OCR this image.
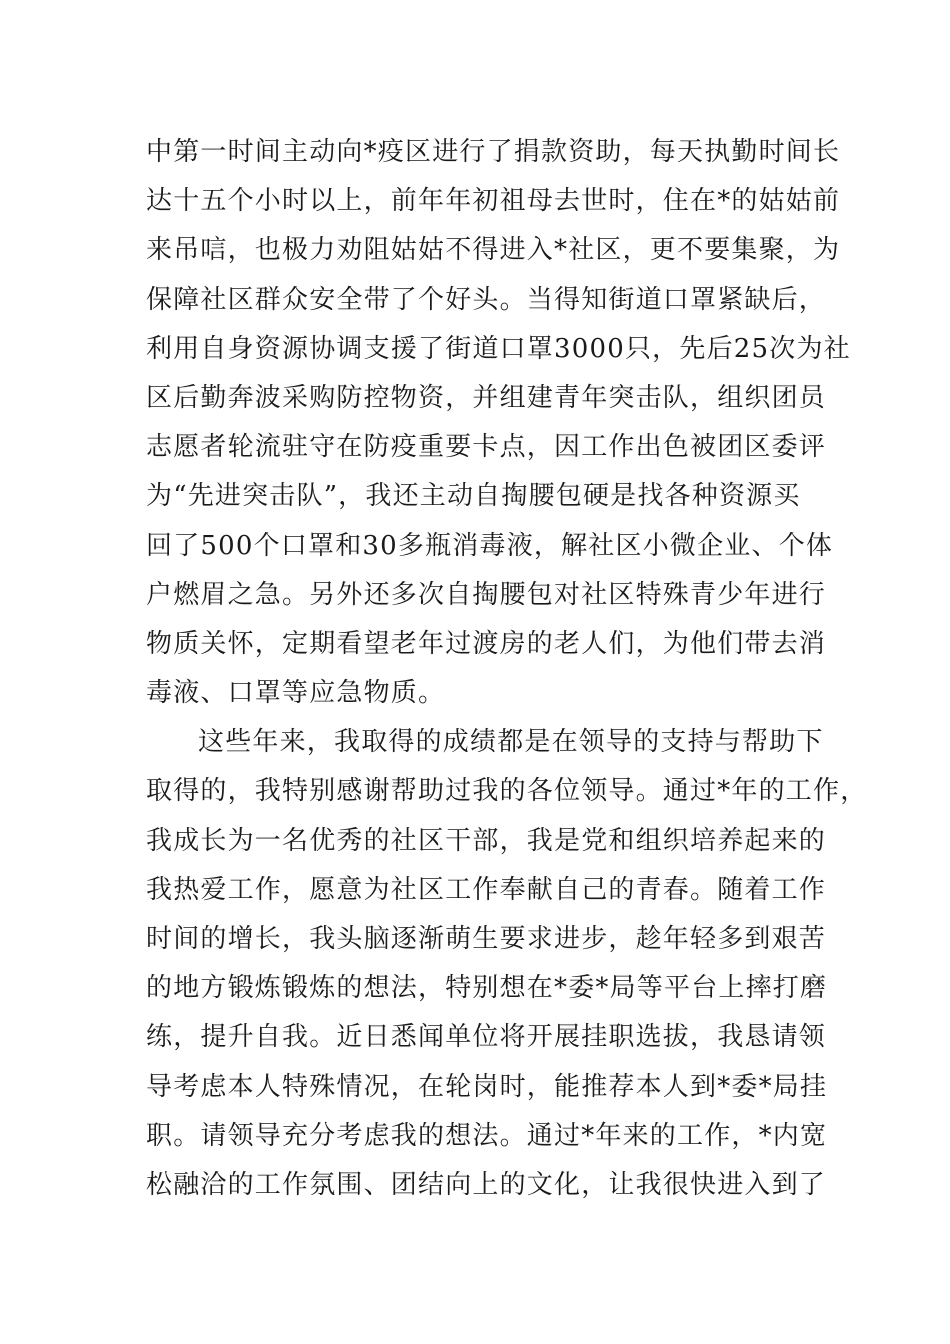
中第一时间主动向*疫区进行了捐款资助，每天执勤时间长
达十五个小时以上，前年年初祖母去世时，住在*的姑姑前
来吊唁，也极力劝阻姑姑不得进入*社区，更不要集聚，为
保障社区群众安全带了个好头。当得知街道口罩紧缺后，
利用自身资源协调支援了街道口罩3000只，先后25次为社
区后勤奔波采购防控物资，并组建青年突击队，组织团员
志愿者轮流驻守在防疫重要卡点，因工作出色被团区委评
为“先进突击队”，我还主动自掏腰包硬是找各种资源买
回了500个口罩和30多瓶消毒液，解社区小微企业、个体
户燃眉之急。另外还多次自掏腰包对社区特殊青少年进行
物质关怀，定期看望老年过渡房的老人们，为他们带去消
毒液、口罩等应急物质。
这些年来，我取得的成绩都是在领导的支持与帮助下
取得的，我特别感谢帮助过我的各位领导。通过*年的工作，
我成长为一名优秀的社区干部，我是党和组织培养起来的
我热爱工作，愿意为社区工作奉献自己的青春。随着工作
时间的增长，我头脑逐渐萌生要求进步，趁年轻多到艰苦
的地方锻炼锻炼的想法，特别想在*委*局等平台上摔打磨
练，提升自我。近日悉闻单位将开展挂职选拔，我恳请领
导考虑本人特殊情况，在轮岗时，能推荐本人到*委*局挂
职。请领导充分考虑我的想法。通过*年来的工作，*内宽
松融洽的工作氛围、团结向上的文化，让我很快进入到了
